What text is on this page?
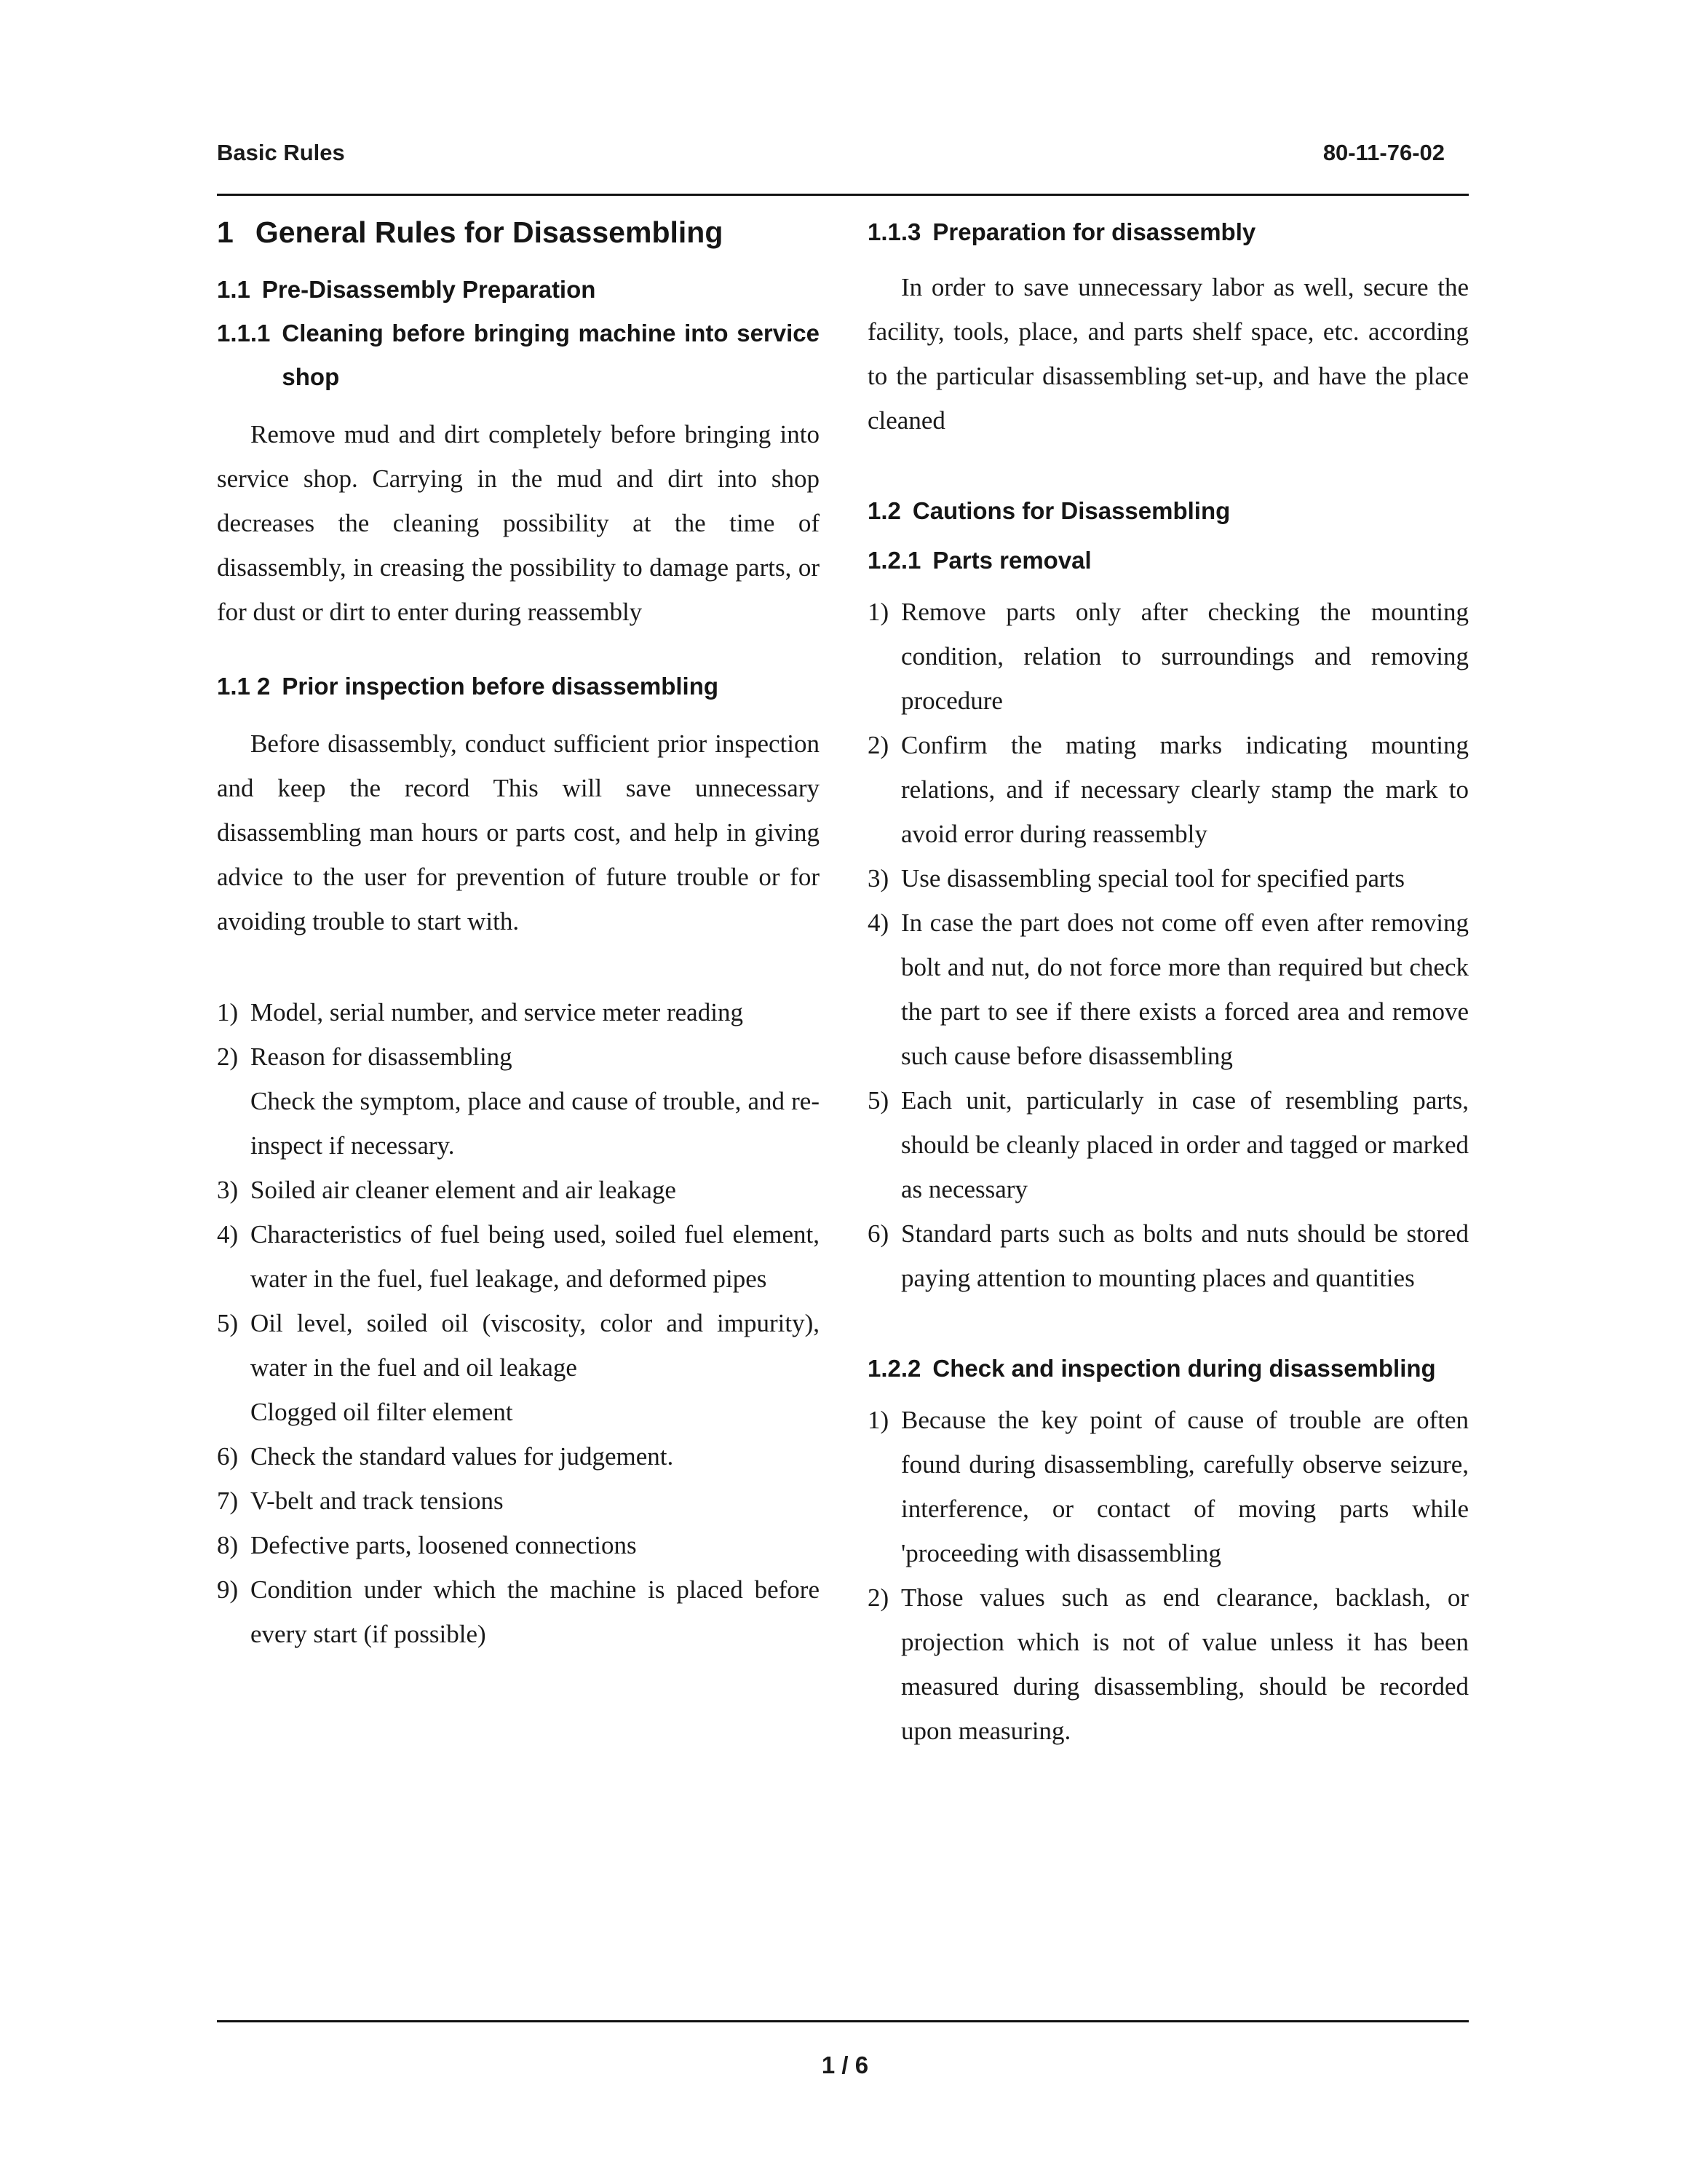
Basic Rules	80-11-76-02
1 General Rules for Disassembling
1.1 Pre-Disassembly Preparation
1.1.1 Cleaning before bringing machine into service shop

Remove mud and dirt completely before bringing into service shop. Carrying in the mud and dirt into shop decreases the cleaning possibility at the time of disassembly, in creasing the possibility to damage parts, or for dust or dirt to enter during reassembly

1.1 2 Prior inspection before disassembling

Before disassembly, conduct sufficient prior inspection and keep the record This will save unnecessary disassembling man hours or parts cost, and help in giving advice to the user for prevention of future trouble or for avoiding trouble to start with.

1) Model, serial number, and service meter reading
2) Reason for disassembling
Check the symptom, place and cause of trouble, and re-inspect if necessary.
3) Soiled air cleaner element and air leakage
4) Characteristics of fuel being used, soiled fuel element, water in the fuel, fuel leakage, and deformed pipes
5) Oil level, soiled oil (viscosity, color and impurity), water in the fuel and oil leakage
Clogged oil filter element
6) Check the standard values for judgement.
7) V-belt and track tensions
8) Defective parts, loosened connections
9) Condition under which the machine is placed before every start (if possible)
1.1.3 Preparation for disassembly

In order to save unnecessary labor as well, secure the facility, tools, place, and parts shelf space, etc. according to the particular disassembling set-up, and have the place cleaned

1.2 Cautions for Disassembling
1.2.1 Parts removal
1) Remove parts only after checking the mounting condition, relation to surroundings and removing procedure
2) Confirm the mating marks indicating mounting relations, and if necessary clearly stamp the mark to avoid error during reassembly
3) Use disassembling special tool for specified parts
4) In case the part does not come off even after removing bolt and nut, do not force more than required but check the part to see if there exists a forced area and remove such cause before disassembling
5) Each unit, particularly in case of resembling parts, should be cleanly placed in order and tagged or marked as necessary
6) Standard parts such as bolts and nuts should be stored paying attention to mounting places and quantities
1.2.2 Check and inspection during disassembling
1) Because the key point of cause of trouble are often found during disassembling, carefully observe seizure, interference, or contact of moving parts while 'proceeding with disassembling
2) Those values such as end clearance, backlash, or projection which is not of value unless it has been measured during disassembling, should be recorded upon measuring.
1 / 6
